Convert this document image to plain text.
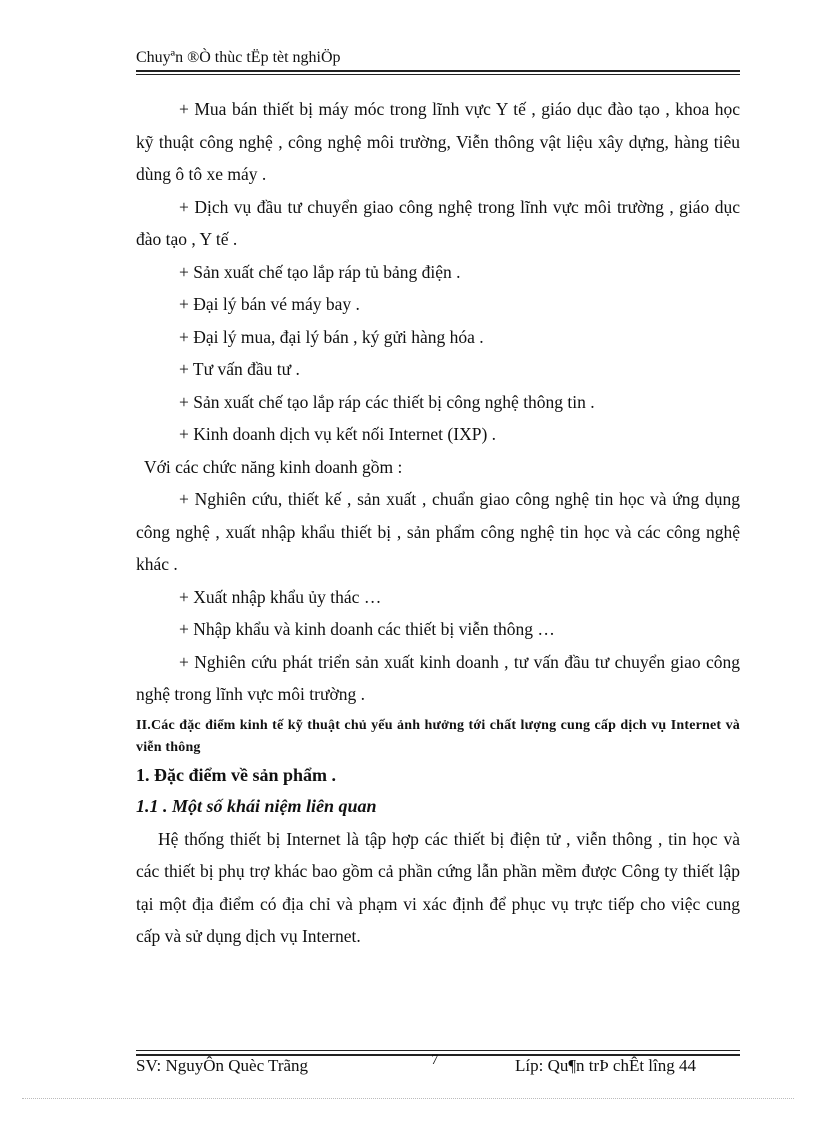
Chuyªn ®Ò thùc tËp tèt nghiÖp

+ Mua bán thiết bị máy móc trong lĩnh vực Y tế , giáo dục đào tạo , khoa học kỹ thuật công nghệ , công nghệ môi trường, Viễn thông vật liệu xây dựng, hàng tiêu dùng ô tô xe máy .

+ Dịch vụ đầu tư chuyển giao công nghệ trong lĩnh vực môi trường , giáo dục đào tạo , Y tế .

+ Sản xuất chế tạo lắp ráp tủ bảng điện .

+ Đại lý bán vé máy bay .

+ Đại lý mua, đại lý bán , ký gửi hàng hóa .

+ Tư vấn đầu tư .

+ Sản xuất chế tạo lắp ráp các thiết bị công nghệ thông tin .

+ Kinh doanh dịch vụ kết nối Internet (IXP) .

Với các chức năng kinh doanh gồm :

+ Nghiên cứu, thiết kế , sản xuất , chuẩn giao công nghệ tin học và ứng dụng công nghệ , xuất nhập khẩu thiết bị , sản phẩm công nghệ tin học và các công nghệ khác .

+ Xuất nhập khẩu ủy thác …

+ Nhập khẩu và kinh doanh các thiết bị viễn thông …

+ Nghiên cứu phát triển sản xuất kinh doanh , tư vấn đầu tư chuyển giao công nghệ trong lĩnh vực môi trường .

II.Các đặc điểm kinh tế kỹ thuật chủ yếu ảnh hưởng tới chất lượng cung cấp dịch vụ Internet và viễn thông

1. Đặc điểm về sản phẩm .

1.1 . Một số khái niệm liên quan

Hệ thống thiết bị Internet là tập hợp các thiết bị điện tử , viễn thông , tin học và các thiết bị phụ trợ khác bao gồm cả phần cứng lẫn phần mềm được Công ty thiết lập tại một địa điểm có địa chỉ và phạm vi xác định để phục vụ trực tiếp cho việc cung cấp và sử dụng dịch vụ Internet.

SV: NguyÔn Quèc Trãng	7	Líp: Qu¶n trÞ chÊt lîng 44
